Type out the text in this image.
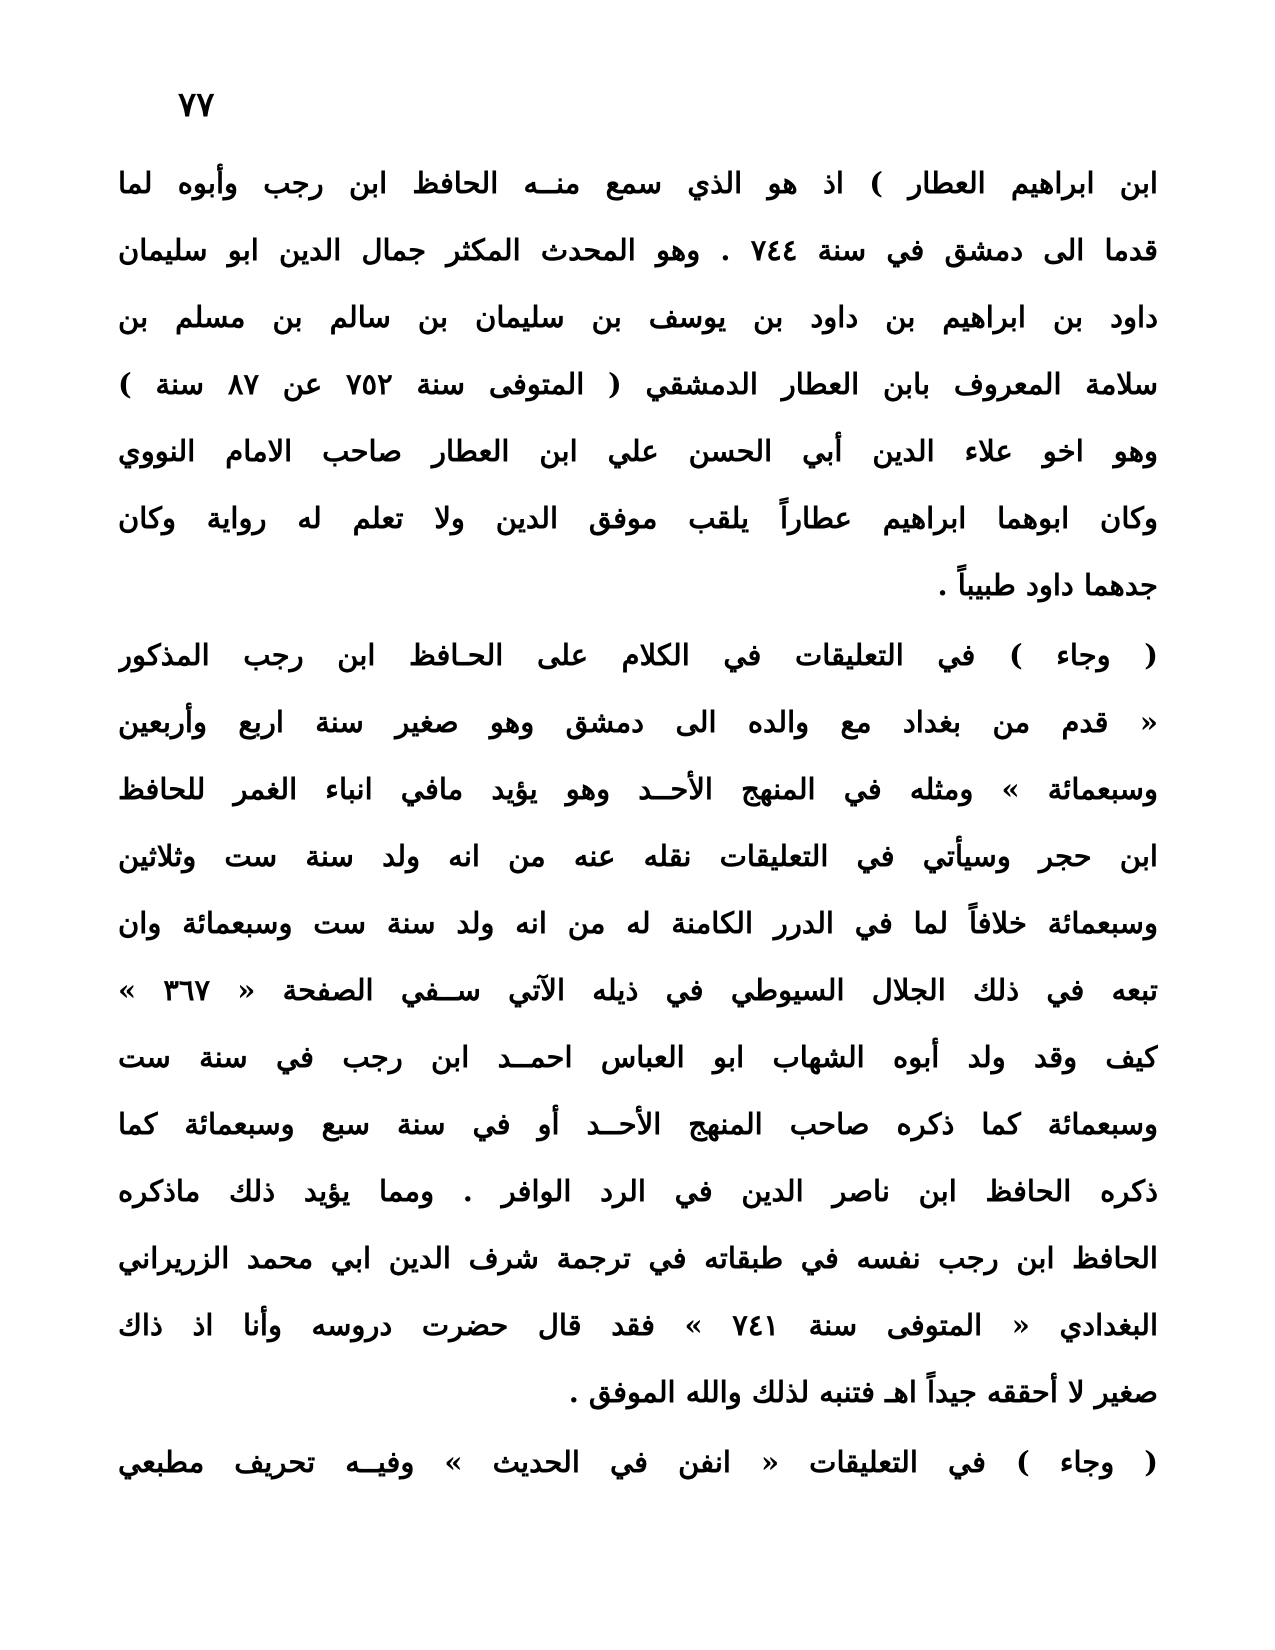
٧٧
ابن ابراهيم العطار ) اذ هو الذي سمع منــه الحافظ ابن رجب وأبوه لما
قدما الى دمشق في سنة ٧٤٤ . وهو المحدث المكثر جمال الدين ابو سليمان
داود بن ابراهيم بن داود بن يوسف بن سليمان بن سالم بن مسلم بن
سلامة المعروف بابن العطار الدمشقي ( المتوفى سنة ٧٥٢ عن ٨٧ سنة )
وهو اخو علاء الدين أبي الحسن علي ابن العطار صاحب الامام النووي
وكان ابوهما ابراهيم عطاراً يلقب موفق الدين ولا تعلم له رواية وكان
جدهما داود طبيباً .
( وجاء ) في التعليقات في الكلام على الحـافظ ابن رجب المذكور
« قدم من بغداد مع والده الى دمشق وهو صغير سنة اربع وأربعين
وسبعمائة » ومثله في المنهج الأحــد وهو يؤيد مافي انباء الغمر للحافظ
ابن حجر وسيأتي في التعليقات نقله عنه من انه ولد سنة ست وثلاثين
وسبعمائة خلافاً لما في الدرر الكامنة له من انه ولد سنة ست وسبعمائة وان
تبعه في ذلك الجلال السيوطي في ذيله الآتي ســفي الصفحة « ٣٦٧ »
كيف وقد ولد أبوه الشهاب ابو العباس احمــد ابن رجب في سنة ست
وسبعمائة كما ذكره صاحب المنهج الأحــد أو في سنة سبع وسبعمائة كما
ذكره الحافظ ابن ناصر الدين في الرد الوافر . ومما يؤيد ذلك ماذكره
الحافظ ابن رجب نفسه في طبقاته في ترجمة شرف الدين ابي محمد الزريراني
البغدادي « المتوفى سنة ٧٤١ » فقد قال حضرت دروسه وأنا اذ ذاك
صغير لا أحققه جيداً اهـ فتنبه لذلك والله الموفق .
( وجاء ) في التعليقات « انفن في الحديث » وفيــه تحريف مطبعي
